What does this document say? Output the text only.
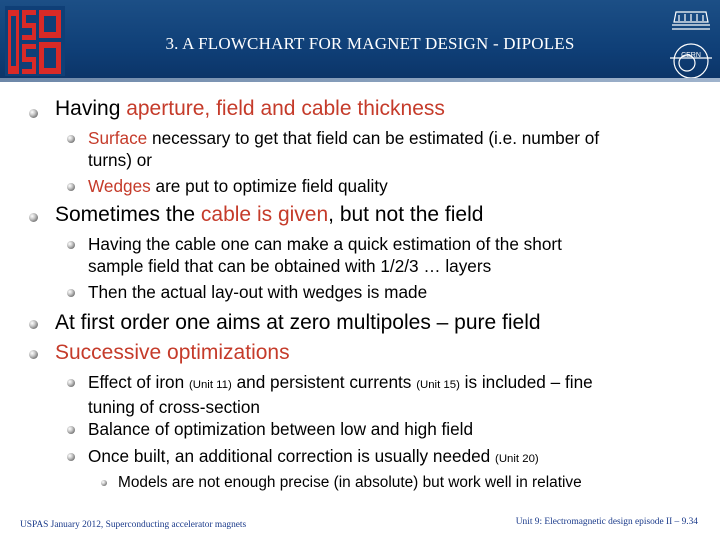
3. A FLOWCHART FOR MAGNET DESIGN - DIPOLES
CERN
Having aperture, field and cable thickness
Surface necessary to get that field can be estimated (i.e. number of
turns) or
Wedges are put to optimize field quality
Sometimes the cable is given, but not the field
Having the cable one can make a quick estimation of the short
sample field that can be obtained with 1/2/3 … layers
Then the actual lay-out with wedges is made
At first order one aims at zero multipoles – pure field
Successive optimizations
Effect of iron (Unit 11) and persistent currents (Unit 15) is included – fine
tuning of cross-section
Balance of optimization between low and high field
Once built, an additional correction is usually needed (Unit 20)
Models are not enough precise (in absolute) but work well in relative
USPAS January 2012, Superconducting accelerator magnets	Unit 9: Electromagnetic design episode II – 9.34
